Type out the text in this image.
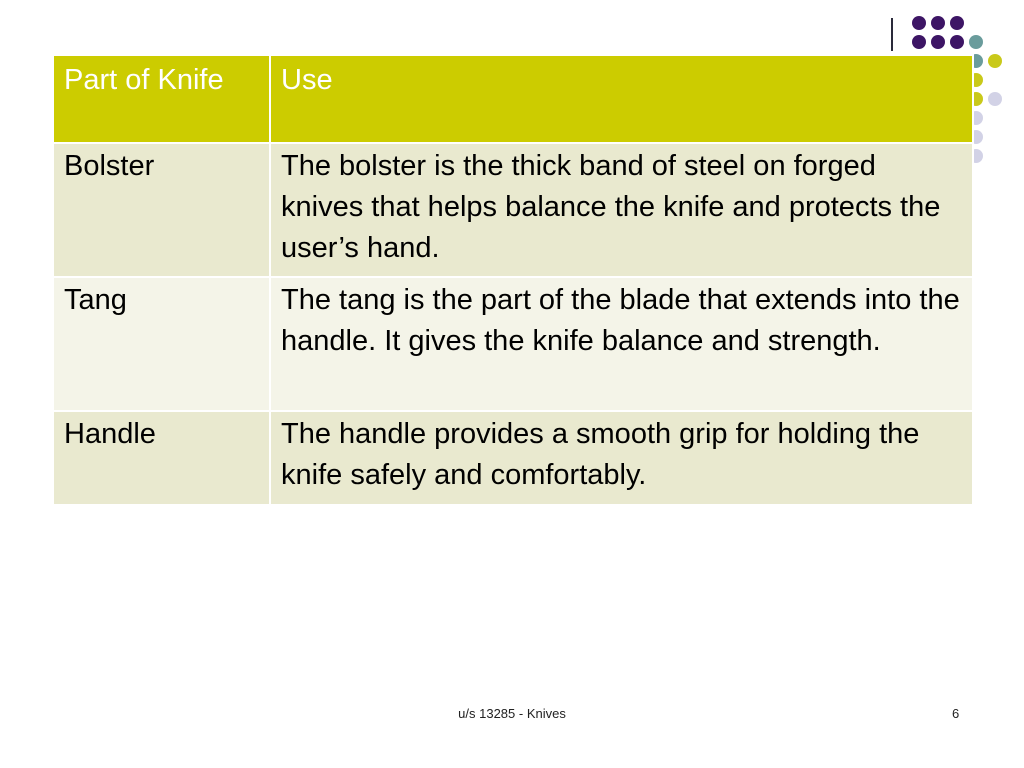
Part of Knife	Use
Bolster	The bolster is the thick band of steel on forged knives that helps balance the knife and protects the user’s hand.
Tang	The tang is the part of the blade that extends into the handle. It gives the knife balance and strength.
Handle	The handle provides a smooth grip for holding the knife safely and comfortably.
u/s 13285 - Knives	6
